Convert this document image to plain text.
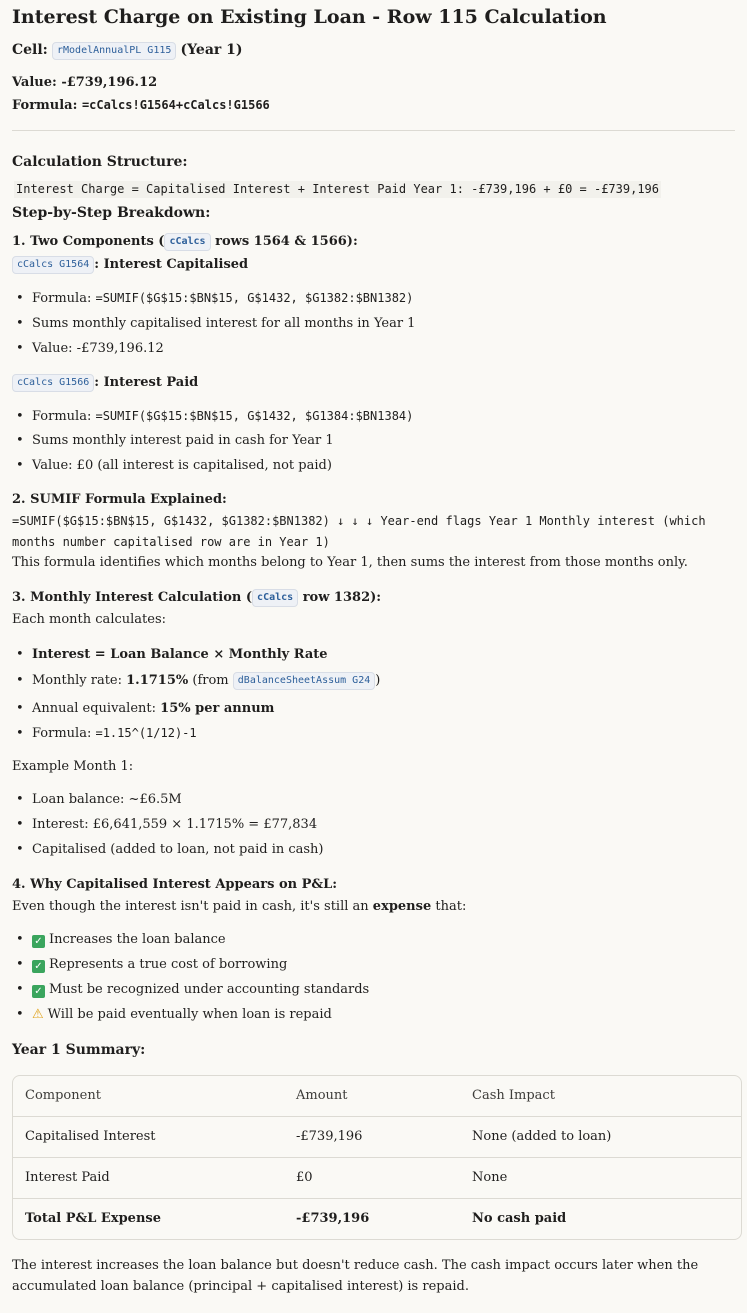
Interest Charge on Existing Loan - Row 115 Calculation
Cell: rModelAnnualPL G115 (Year 1)
Value: -£739,196.12
Formula: =cCalcs!G1564+cCalcs!G1566
Calculation Structure:
Interest Charge = Capitalised Interest + Interest Paid Year 1: -£739,196 + £0 = -£739,196
Step-by-Step Breakdown:
1. Two Components ( cCalcs rows 1564 & 1566):
cCalcs G1564 : Interest Capitalised
• Formula: =SUMIF($G$15:$BN$15, G$1432, $G1382:$BN1382)
• Sums monthly capitalised interest for all months in Year 1
• Value: -£739,196.12
cCalcs G1566 : Interest Paid
• Formula: =SUMIF($G$15:$BN$15, G$1432, $G1384:$BN1384)
• Sums monthly interest paid in cash for Year 1
• Value: £0 (all interest is capitalised, not paid)
2. SUMIF Formula Explained:
=SUMIF($G$15:$BN$15, G$1432, $G1382:$BN1382) ↓ ↓ ↓ Year-end flags Year 1 Monthly interest (which
months number capitalised row are in Year 1)
This formula identifies which months belong to Year 1, then sums the interest from those months only.
3. Monthly Interest Calculation ( cCalcs row 1382):
Each month calculates:
• Interest = Loan Balance × Monthly Rate
• Monthly rate: 1.1715% (from dBalanceSheetAssum G24 )
• Annual equivalent: 15% per annum
• Formula: =1.15^(1/12)-1
Example Month 1:
• Loan balance: ~£6.5M
• Interest: £6,641,559 × 1.1715% = £77,834
• Capitalised (added to loan, not paid in cash)
4. Why Capitalised Interest Appears on P&L:
Even though the interest isn't paid in cash, it's still an expense that:
• ✓ Increases the loan balance
• ✓ Represents a true cost of borrowing
• ✓ Must be recognized under accounting standards
• ⚠ Will be paid eventually when loan is repaid
Year 1 Summary:
Component	Amount	Cash Impact
Capitalised Interest	-£739,196	None (added to loan)
Interest Paid	£0	None
Total P&L Expense	-£739,196	No cash paid
The interest increases the loan balance but doesn't reduce cash. The cash impact occurs later when the
accumulated loan balance (principal + capitalised interest) is repaid.
